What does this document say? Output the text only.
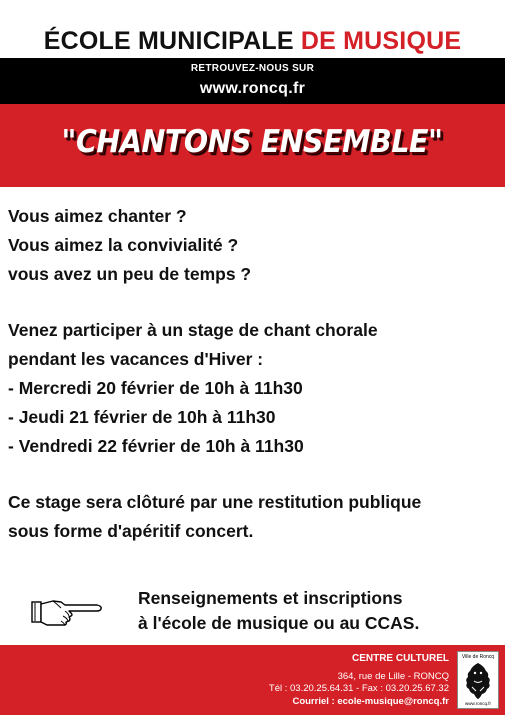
ÉCOLE MUNICIPALE DE MUSIQUE
RETROUVEZ-NOUS SUR
www.roncq.fr
"CHANTONS ENSEMBLE"

Vous aimez chanter ?

Vous aimez la convivialité ?

vous avez un peu de temps ?

Venez participer à un stage de chant chorale

pendant les vacances d'Hiver :

- Mercredi 20 février de 10h à 11h30

- Jeudi 21 février de 10h à 11h30

- Vendredi 22 février de 10h à 11h30

Ce stage sera clôturé par une restitution publique

sous forme d'apéritif concert.

Renseignements et inscriptions

à l'école de musique ou au CCAS.

CENTRE CULTUREL
364, rue de Lille - RONCQ
Tél : 03.20.25.64.31 - Fax : 03.20.25.67.32
Courriel : ecole-musique@roncq.fr
Ville de Roncq
www.roncq.fr
